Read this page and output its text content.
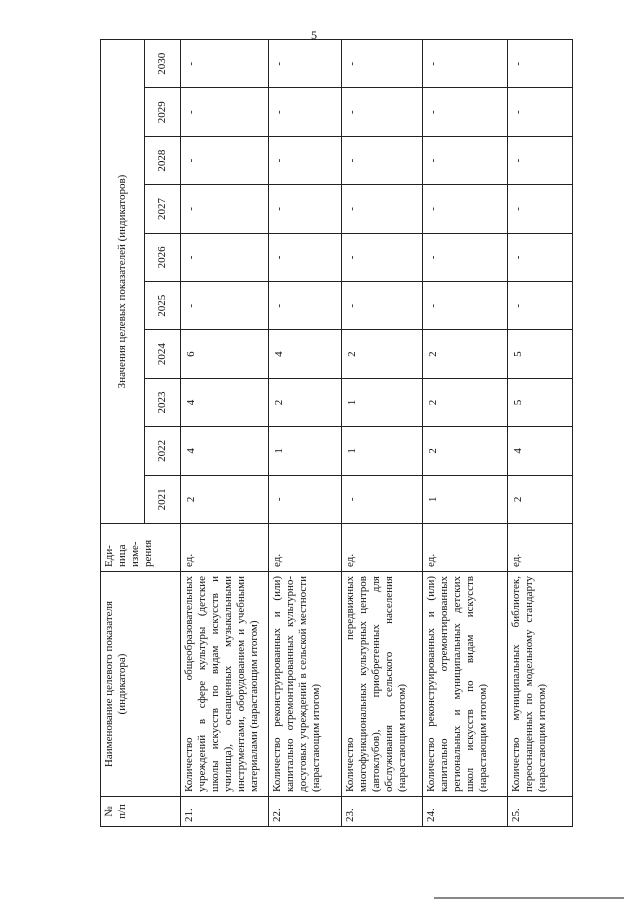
5
№
п/п	Наименование целевого показателя
(индикатора)	Еди-
ница
изме-
рения	Значения целевых показателей (индикаторов)									
			2021	2022	2023	2024	2025	2026	2027	2028	2029	2030
21.	Количество общеобразовательных учреждений в сфере культуры (детские школы искусств по видам искусств и училища), оснащенных музыкальными инструментами, оборудованием и учебными материалами (нарастающим итогом)	ед.	2	4	4	6	-	-	-	-	-	-
22.	Количество реконструированных и (или) капитально отремонтированных культурно-досуговых учреждений в сельской местности (нарастающим итогом)	ед.	-	1	2	4	-	-	-	-	-	-
23.	Количество передвижных многофункциональных культурных центров (автоклубов), приобретенных для обслуживания сельского населения (нарастающим итогом)	ед.	-	1	1	2	-	-	-	-	-	-
24.	Количество реконструированных и (или) капитально отремонтированных региональных и муниципальных детских школ искусств по видам искусств (нарастающим итогом)	ед.	1	2	2	2	-	-	-	-	-	-
25.	Количество муниципальных библиотек, переоснащенных по модельному стандарту (нарастающим итогом)	ед.	2	4	5	5	-	-	-	-	-	-
